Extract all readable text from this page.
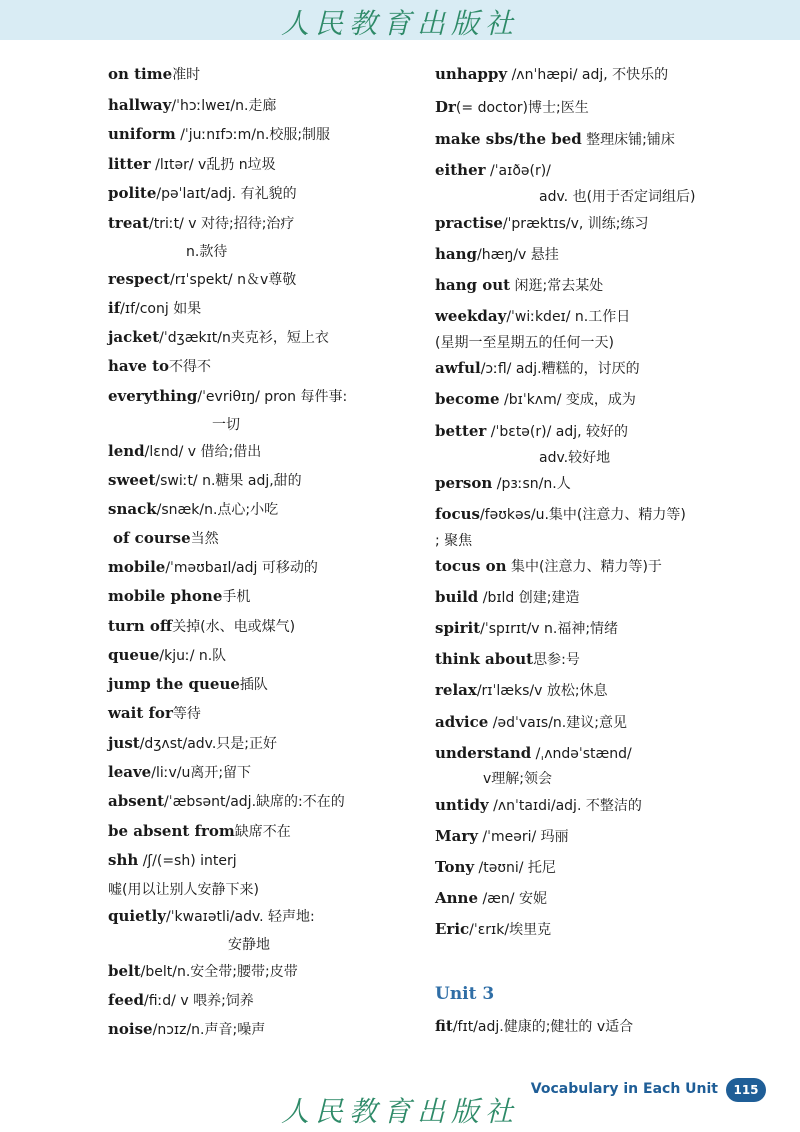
人民教育出版社
on time准时
hallway/ˈhɔːlweɪ/n.走廊
uniform /ˈjuːnɪfɔːm/n.校服;制服
litter /lɪtər/ v乱扔 n垃圾
polite/pəˈlaɪt/adj. 有礼貌的
treat/triːt/ v 对待;招待;治疗
n.款待
respect/rɪˈspekt/ n＆v尊敬
if/ɪf/conj 如果
jacket/ˈdʒækɪt/n夹克衫，短上衣
have to不得不
everything/ˈevriθɪŋ/ pron 每件事:
一切
lend/lɛnd/ v 借给;借出
sweet/swiːt/ n.糖果 adj,甜的
snack/snæk/n.点心;小吃
of course当然
mobile/ˈməʊbaɪl/adj 可移动的
mobile phone手机
turn off关掉(水、电或煤气)
queue/kjuː/ n.队
jump the queue插队
wait for等待
just/dʒʌst/adv.只是;正好
leave/liːv/u离开;留下
absent/ˈæbsənt/adj.缺席的:不在的
be absent from缺席不在
shh /ʃ/(=sh) interj
嘘(用以让别人安静下来)
quietly/ˈkwaɪətli/adv. 轻声地:
安静地
belt/belt/n.安全带;腰带;皮带
feed/fiːd/ v 喂养;饲养
noise/nɔɪz/n.声音;噪声
unhappy /ʌnˈhæpi/ adj, 不快乐的
Dr(= doctor)博士;医生
make sbs/the bed 整理床铺;铺床
either /ˈaɪðə(r)/
adv. 也(用于否定词组后)
practise/ˈpræktɪs/v, 训练;练习
hang/hæŋ/v 悬挂
hang out 闲逛;常去某处
weekday/ˈwiːkdeɪ/ n.工作日
(星期一至星期五的任何一天)
awful/ɔːfl/ adj.糟糕的，讨厌的
become /bɪˈkʌm/ 变成，成为
better /ˈbɛtə(r)/ adj, 较好的
adv.较好地
person /pɜːsn/n.人
focus/fəʊkəs/u.集中(注意力、精力等)
; 聚焦
tocus on 集中(注意力、精力等)于
build /bɪld 创建;建造
spirit/ˈspɪrɪt/v n.福神;情绪
think about思参:号
relax/rɪˈlæks/v 放松;休息
advice /ədˈvaɪs/n.建议;意见
understand /ˌʌndəˈstænd/
v理解;领会
untidy /ʌnˈtaɪdi/adj. 不整洁的
Mary /ˈmeəri/ 玛丽
Tony /təʊni/ 托尼
Anne /æn/ 安妮
Eric/ˈɛrɪk/埃里克
Unit 3
fit/fɪt/adj.健康的;健壮的 v适合
Vocabulary in Each Unit	115
人民教育出版社
